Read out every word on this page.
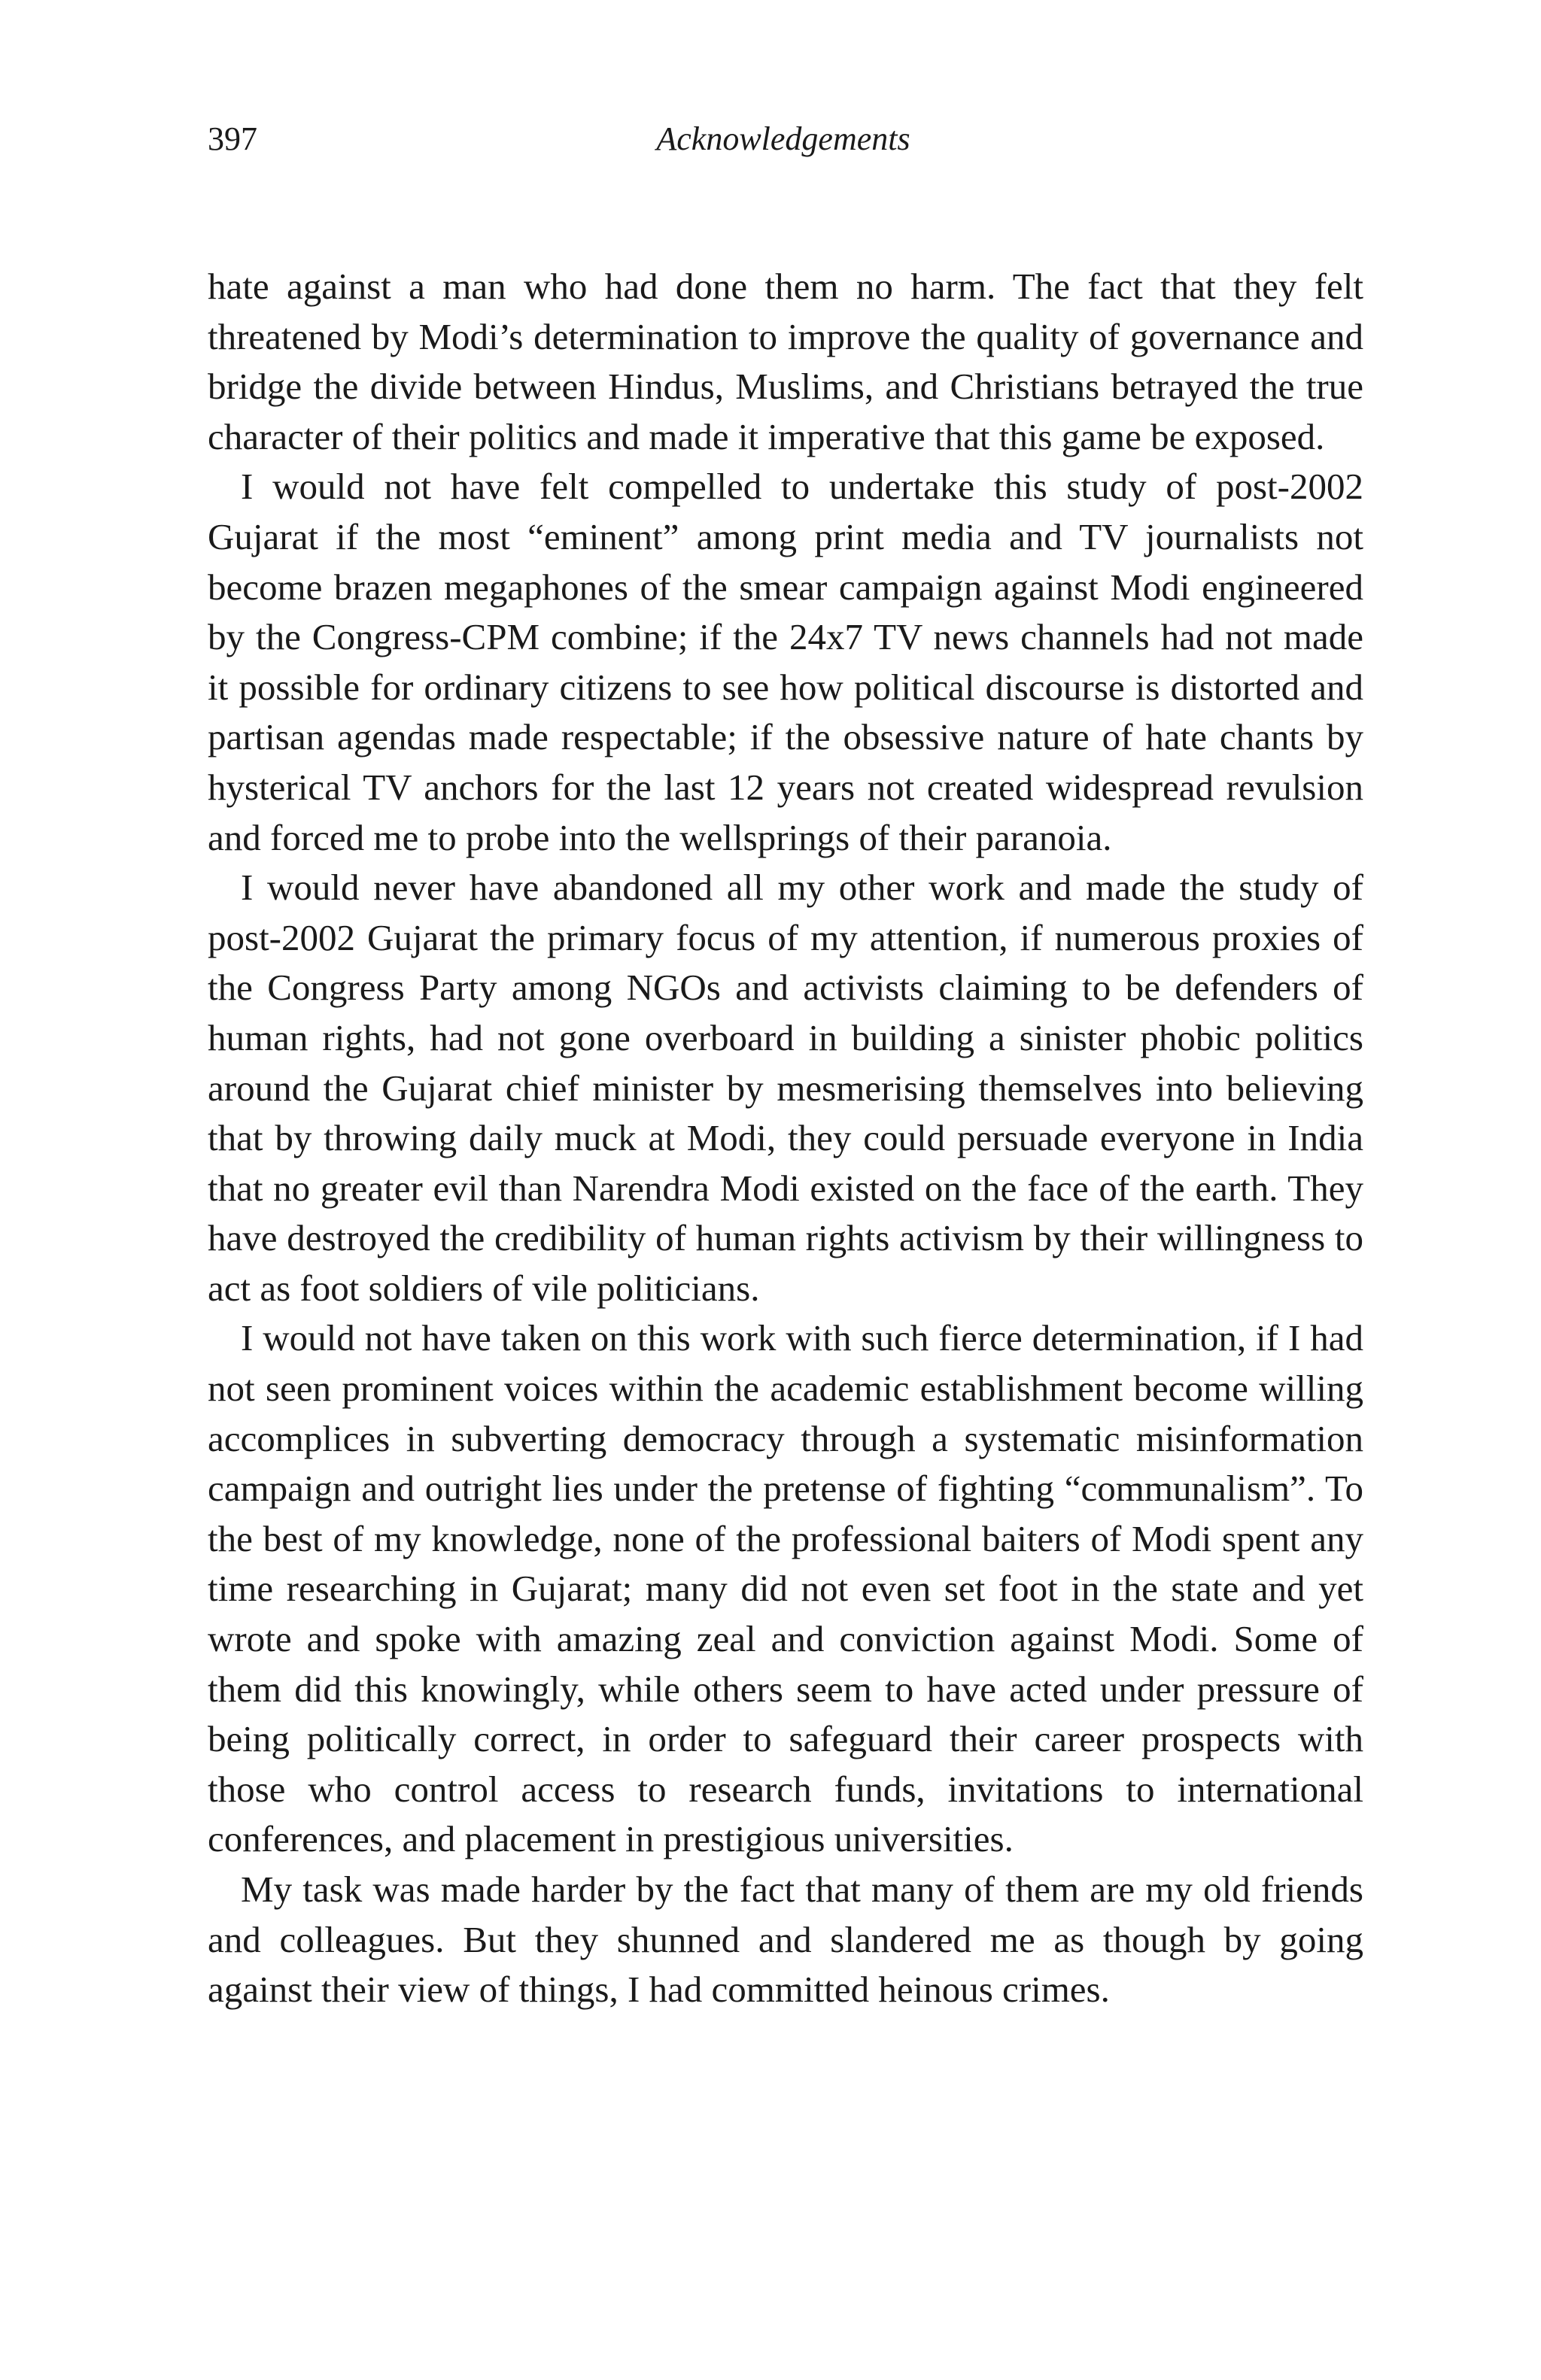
397	Acknowledgements

hate against a man who had done them no harm. The fact that they felt threatened by Modi’s determination to improve the quality of governance and bridge the divide between Hindus, Muslims, and Christians betrayed the true character of their politics and made it imperative that this game be exposed.

I would not have felt compelled to undertake this study of post-2002 Gujarat if the most “eminent” among print media and TV journalists not become brazen megaphones of the smear campaign against Modi engineered by the Congress-CPM combine; if the 24x7 TV news channels had not made it possible for ordinary citizens to see how political discourse is distorted and partisan agendas made respectable; if the obsessive nature of hate chants by hysterical TV anchors for the last 12 years not created widespread revulsion and forced me to probe into the wellsprings of their paranoia.

I would never have abandoned all my other work and made the study of post-2002 Gujarat the primary focus of my attention, if numerous proxies of the Congress Party among NGOs and activists claiming to be defenders of human rights, had not gone overboard in building a sinister phobic politics around the Gujarat chief minister by mesmerising themselves into believing that by throwing daily muck at Modi, they could persuade everyone in India that no greater evil than Narendra Modi existed on the face of the earth. They have destroyed the credibility of human rights activism by their willingness to act as foot soldiers of vile politicians.

I would not have taken on this work with such fierce determination, if I had not seen prominent voices within the academic establishment become willing accomplices in subverting democracy through a systematic misinformation campaign and outright lies under the pretense of fighting “communalism”. To the best of my knowledge, none of the professional baiters of Modi spent any time researching in Gujarat; many did not even set foot in the state and yet wrote and spoke with amazing zeal and conviction against Modi. Some of them did this knowingly, while others seem to have acted under pressure of being politically correct, in order to safeguard their career prospects with those who control access to research funds, invitations to international conferences, and placement in prestigious universities.

My task was made harder by the fact that many of them are my old friends and colleagues. But they shunned and slandered me as though by going against their view of things, I had committed heinous crimes.
